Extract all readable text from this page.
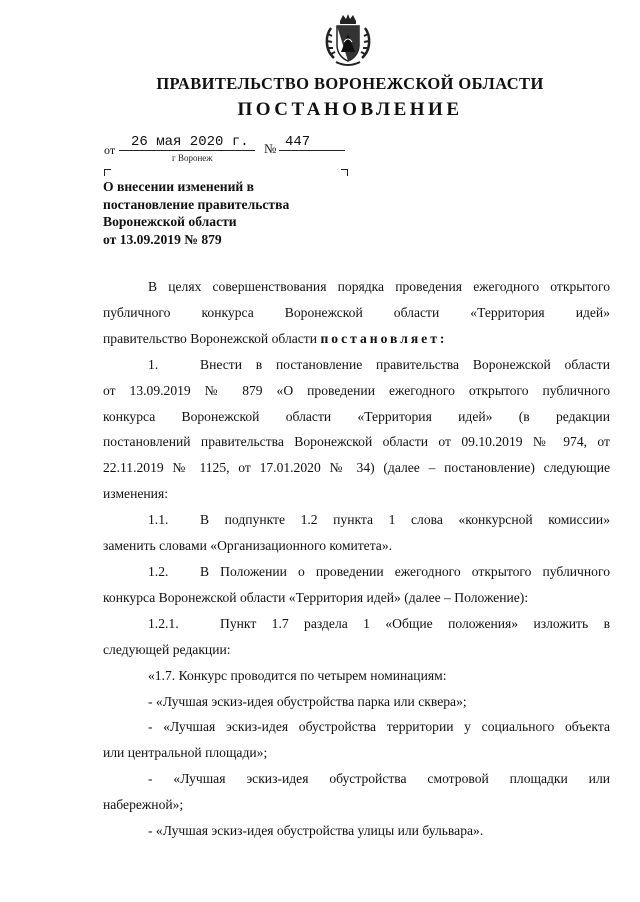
ПРАВИТЕЛЬСТВО ВОРОНЕЖСКОЙ ОБЛАСТИ
ПОСТАНОВЛЕНИЕ
от 26 мая 2020 г. № 447
г Воронеж
О внесении изменений в
постановление правительства
Воронежской области
от 13.09.2019 № 879
В целях совершенствования порядка проведения ежегодного открытого
публичного конкурса Воронежской области «Территория идей»
правительство Воронежской области постановляет:
1.	Внести в постановление правительства Воронежской области
от 13.09.2019 № 879 «О проведении ежегодного открытого публичного
конкурса Воронежской области «Территория идей» (в редакции
постановлений правительства Воронежской области от 09.10.2019 № 974, от
22.11.2019 № 1125, от 17.01.2020 № 34) (далее – постановление) следующие
изменения:
1.1. В подпункте 1.2 пункта 1 слова «конкурсной комиссии»
заменить словами «Организационного комитета».
1.2. В Положении о проведении ежегодного открытого публичного
конкурса Воронежской области «Территория идей» (далее – Положение):
1.2.1.	Пункт 1.7 раздела 1 «Общие положения» изложить в
следующей редакции:
«1.7. Конкурс проводится по четырем номинациям:
- «Лучшая эскиз-идея обустройства парка или сквера»;
- «Лучшая эскиз-идея обустройства территории у социального объекта
или центральной площади»;
- «Лучшая эскиз-идея обустройства смотровой площадки или
набережной»;
- «Лучшая эскиз-идея обустройства улицы или бульвара».
